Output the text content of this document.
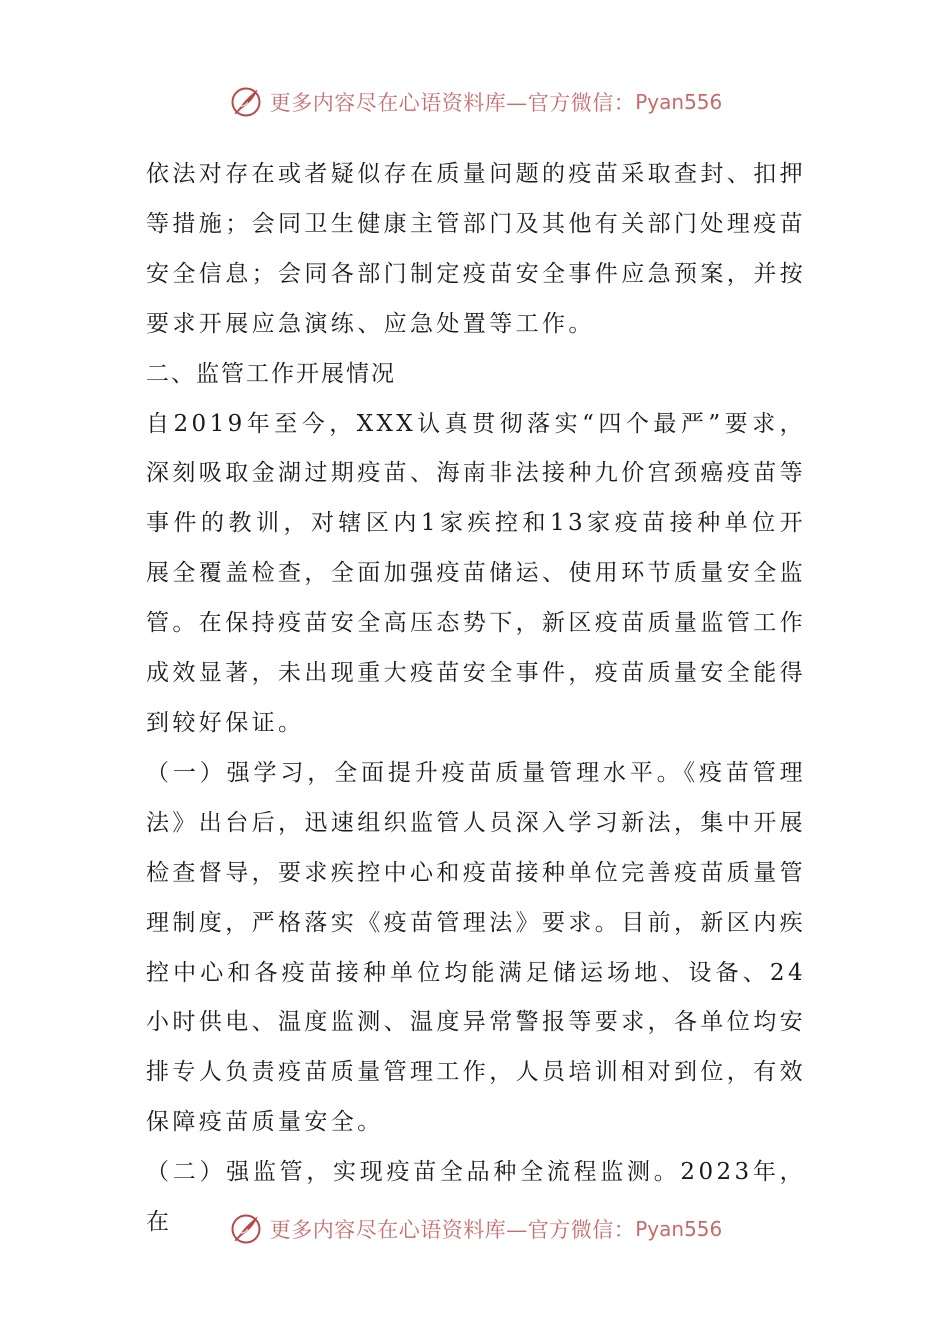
更多内容尽在心语资料库—官方微信： Pyan556

依法对存在或者疑似存在质量问题的疫苗采取查封、扣押等措施；会同卫生健康主管部门及其他有关部门处理疫苗安全信息；会同各部门制定疫苗安全事件应急预案，并按要求开展应急演练、应急处置等工作。

二、监管工作开展情况

自2019年至今，XXX认真贯彻落实“四个最严”要求，深刻吸取金湖过期疫苗、海南非法接种九价宫颈癌疫苗等事件的教训，对辖区内1家疾控和13家疫苗接种单位开展全覆盖检查，全面加强疫苗储运、使用环节质量安全监管。在保持疫苗安全高压态势下，新区疫苗质量监管工作成效显著，未出现重大疫苗安全事件，疫苗质量安全能得到较好保证。

（一）强学习，全面提升疫苗质量管理水平。《疫苗管理法》出台后，迅速组织监管人员深入学习新法，集中开展检查督导，要求疾控中心和疫苗接种单位完善疫苗质量管理制度，严格落实《疫苗管理法》要求。目前，新区内疾控中心和各疫苗接种单位均能满足储运场地、设备、24小时供电、温度监测、温度异常警报等要求，各单位均安排专人负责疫苗质量管理工作，人员培训相对到位，有效保障疫苗质量安全。

（二）强监管，实现疫苗全品种全流程监测。2023年，在	更多内容尽在心语资料库—官方微信： Pyan556
